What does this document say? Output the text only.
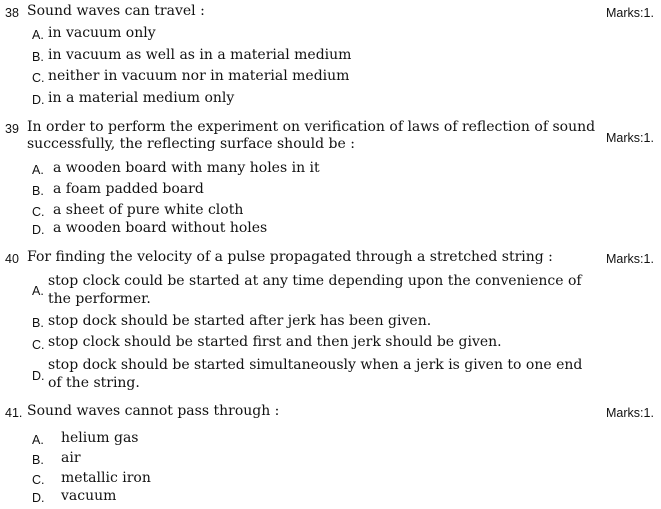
38 Sound waves can travel :	Marks:1.
A. in vacuum only
B. in vacuum as well as in a material medium
C. neither in vacuum nor in material medium
D. in a material medium only
39 In order to perform the experiment on verification of laws of reflection of sound successfully, the reflecting surface should be :	Marks:1.
A. a wooden board with many holes in it
B. a foam padded board
C. a sheet of pure white cloth
D. a wooden board without holes
40 For finding the velocity of a pulse propagated through a stretched string :	Marks:1.
A.
stop clock could be started at any time depending upon the convenience of the performer.
B. stop dock should be started after jerk has been given.
C. stop clock should be started first and then jerk should be given.
D.
stop dock should be started simultaneously when a jerk is given to one end of the string.
41. Sound waves cannot pass through :	Marks:1.
A. helium gas
B. air
C. metallic iron
D. vacuum
